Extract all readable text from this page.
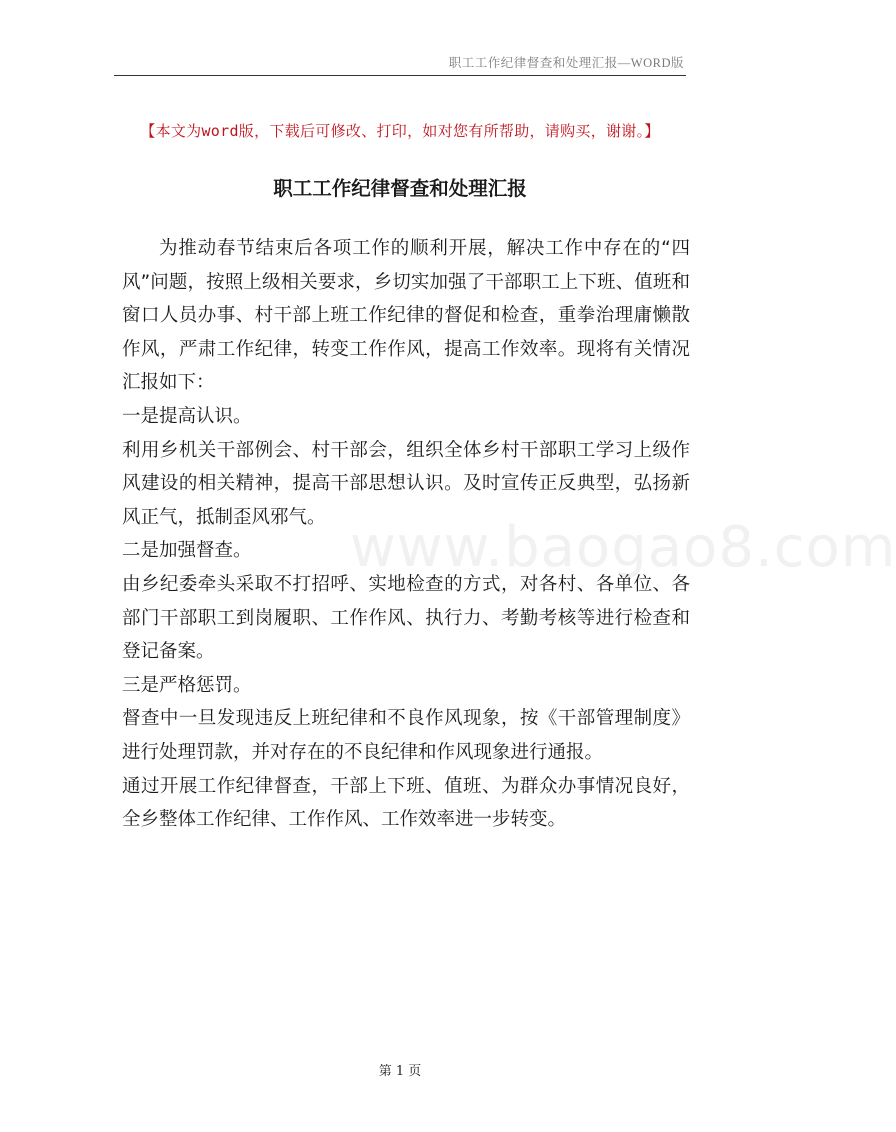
职工工作纪律督查和处理汇报—WORD版
【本文为word版，下载后可修改、打印，如对您有所帮助，请购买，谢谢。】
职工工作纪律督查和处理汇报
www.baogao8.com

为推动春节结束后各项工作的顺利开展，解决工作中存在的“四风”问题，按照上级相关要求，乡切实加强了干部职工上下班、值班和窗口人员办事、村干部上班工作纪律的督促和检查，重拳治理庸懒散作风，严肃工作纪律，转变工作作风，提高工作效率。现将有关情况汇报如下：

一是提高认识。

利用乡机关干部例会、村干部会，组织全体乡村干部职工学习上级作风建设的相关精神，提高干部思想认识。及时宣传正反典型，弘扬新风正气，抵制歪风邪气。

二是加强督查。

由乡纪委牵头采取不打招呼、实地检查的方式，对各村、各单位、各部门干部职工到岗履职、工作作风、执行力、考勤考核等进行检查和登记备案。

三是严格惩罚。

督查中一旦发现违反上班纪律和不良作风现象，按《干部管理制度》进行处理罚款，并对存在的不良纪律和作风现象进行通报。

通过开展工作纪律督查，干部上下班、值班、为群众办事情况良好，全乡整体工作纪律、工作作风、工作效率进一步转变。

第 1 页
